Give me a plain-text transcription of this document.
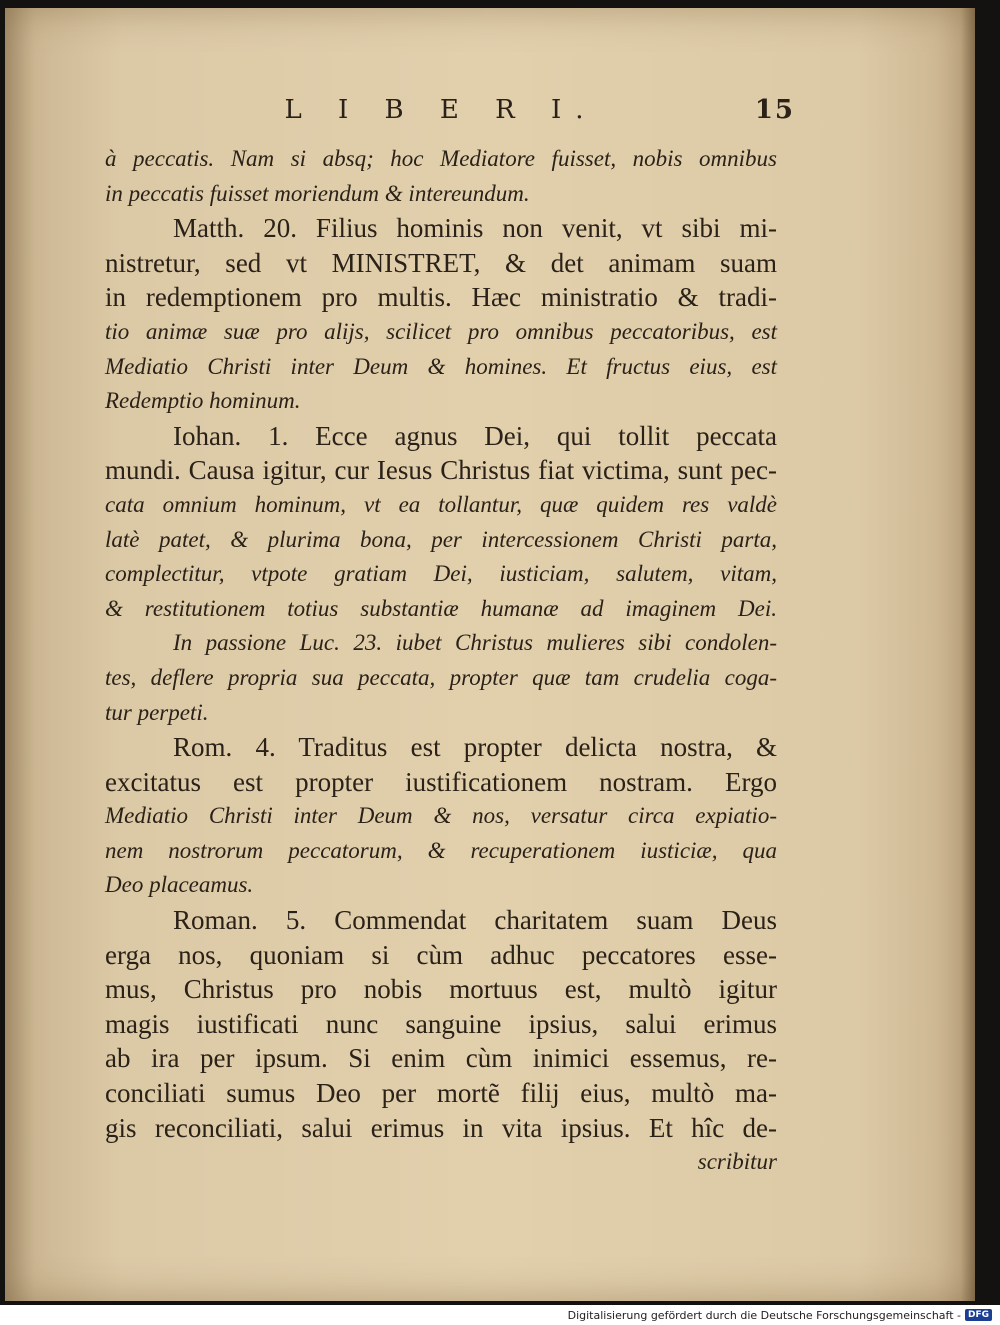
L I B E R I.	15
à peccatis. Nam si absq; hoc Mediatore fuisset, nobis omnibus
in peccatis fuisset moriendum & intereundum.
Matth. 20. Filius hominis non venit, vt sibi mi-
nistretur, sed vt MINISTRET, & det animam suam
in redemptionem pro multis. Hæc ministratio & tradi-
tio animæ suæ pro alijs, scilicet pro omnibus peccatoribus, est
Mediatio Christi inter Deum & homines. Et fructus eius, est
Redemptio hominum.
Iohan. 1. Ecce agnus Dei, qui tollit peccata
mundi. Causa igitur, cur Iesus Christus fiat victima, sunt pec-
cata omnium hominum, vt ea tollantur, quæ quidem res valdè
latè patet, & plurima bona, per intercessionem Christi parta,
complectitur, vtpote gratiam Dei, iusticiam, salutem, vitam,
& restitutionem totius substantiæ humanæ ad imaginem Dei.
In passione Luc. 23. iubet Christus mulieres sibi condolen-
tes, deflere propria sua peccata, propter quæ tam crudelia coga-
tur perpeti.
Rom. 4. Traditus est propter delicta nostra, &
excitatus est propter iustificationem nostram. Ergo
Mediatio Christi inter Deum & nos, versatur circa expiatio-
nem nostrorum peccatorum, & recuperationem iusticiæ, qua
Deo placeamus.
Roman. 5. Commendat charitatem suam Deus
erga nos, quoniam si cùm adhuc peccatores esse-
mus, Christus pro nobis mortuus est, multò igitur
magis iustificati nunc sanguine ipsius, salui erimus
ab ira per ipsum. Si enim cùm inimici essemus, re-
conciliati sumus Deo per mortẽ filij eius, multò ma-
gis reconciliati, salui erimus in vita ipsius. Et hîc de-
scribitur
Digitalisierung gefördert durch die Deutsche Forschungsgemeinschaft - DFG
